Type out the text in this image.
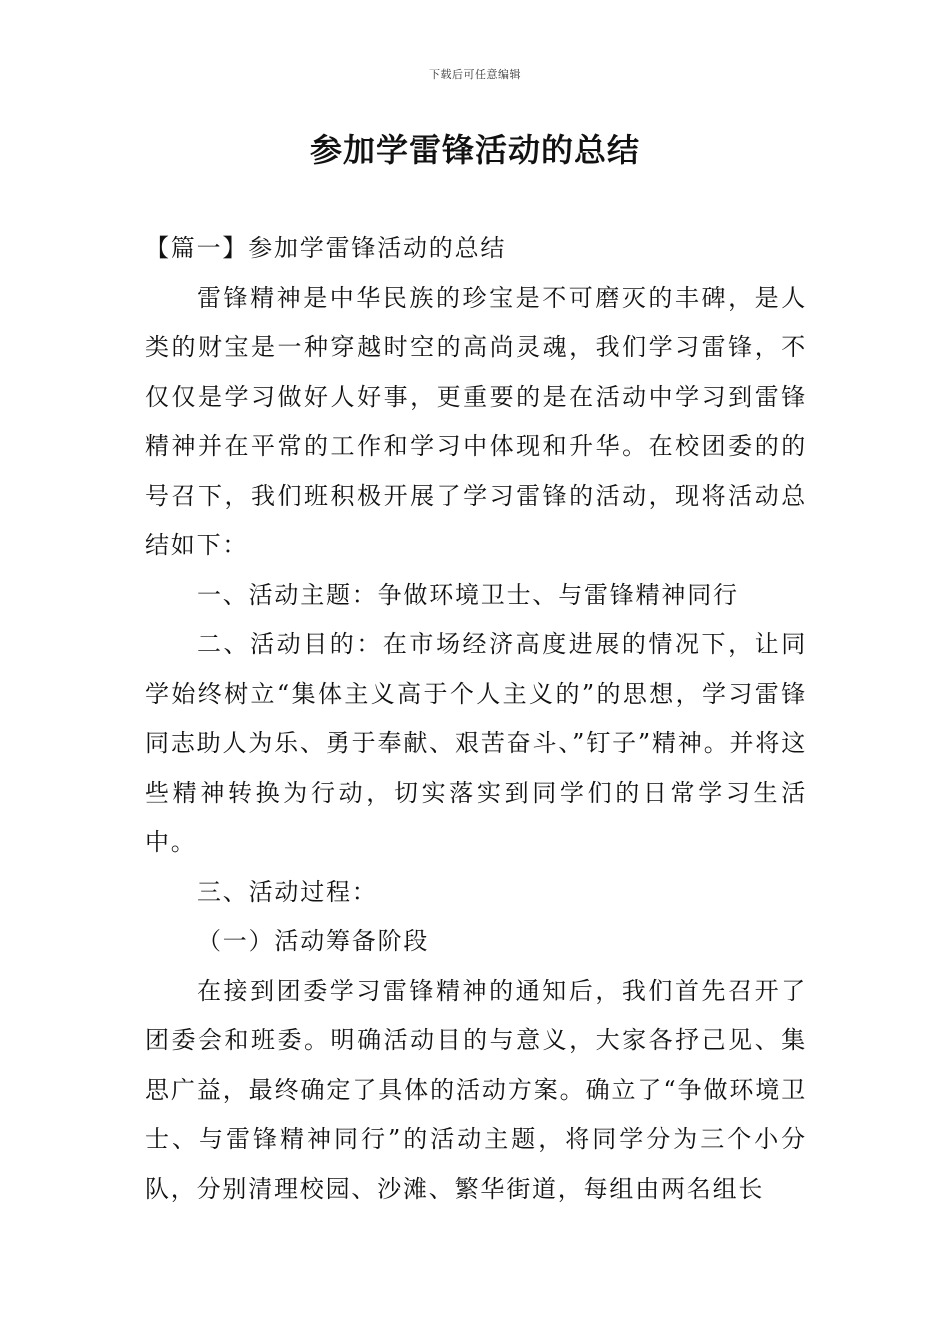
下载后可任意编辑
参加学雷锋活动的总结

【篇一】参加学雷锋活动的总结

雷锋精神是中华民族的珍宝是不可磨灭的丰碑，是人类的财宝是一种穿越时空的高尚灵魂，我们学习雷锋，不仅仅是学习做好人好事，更重要的是在活动中学习到雷锋精神并在平常的工作和学习中体现和升华。在校团委的的号召下，我们班积极开展了学习雷锋的活动，现将活动总结如下：

一、活动主题：争做环境卫士、与雷锋精神同行

二、活动目的：在市场经济高度进展的情况下，让同学始终树立“集体主义高于个人主义的”的思想，学习雷锋同志助人为乐、勇于奉献、艰苦奋斗、”钉子”精神。并将这些精神转换为行动，切实落实到同学们的日常学习生活中。

三、活动过程：

（一）活动筹备阶段

在接到团委学习雷锋精神的通知后，我们首先召开了团委会和班委。明确活动目的与意义，大家各抒己见、集思广益，最终确定了具体的活动方案。确立了“争做环境卫士、与雷锋精神同行”的活动主题，将同学分为三个小分队，分别清理校园、沙滩、繁华街道，每组由两名组长
